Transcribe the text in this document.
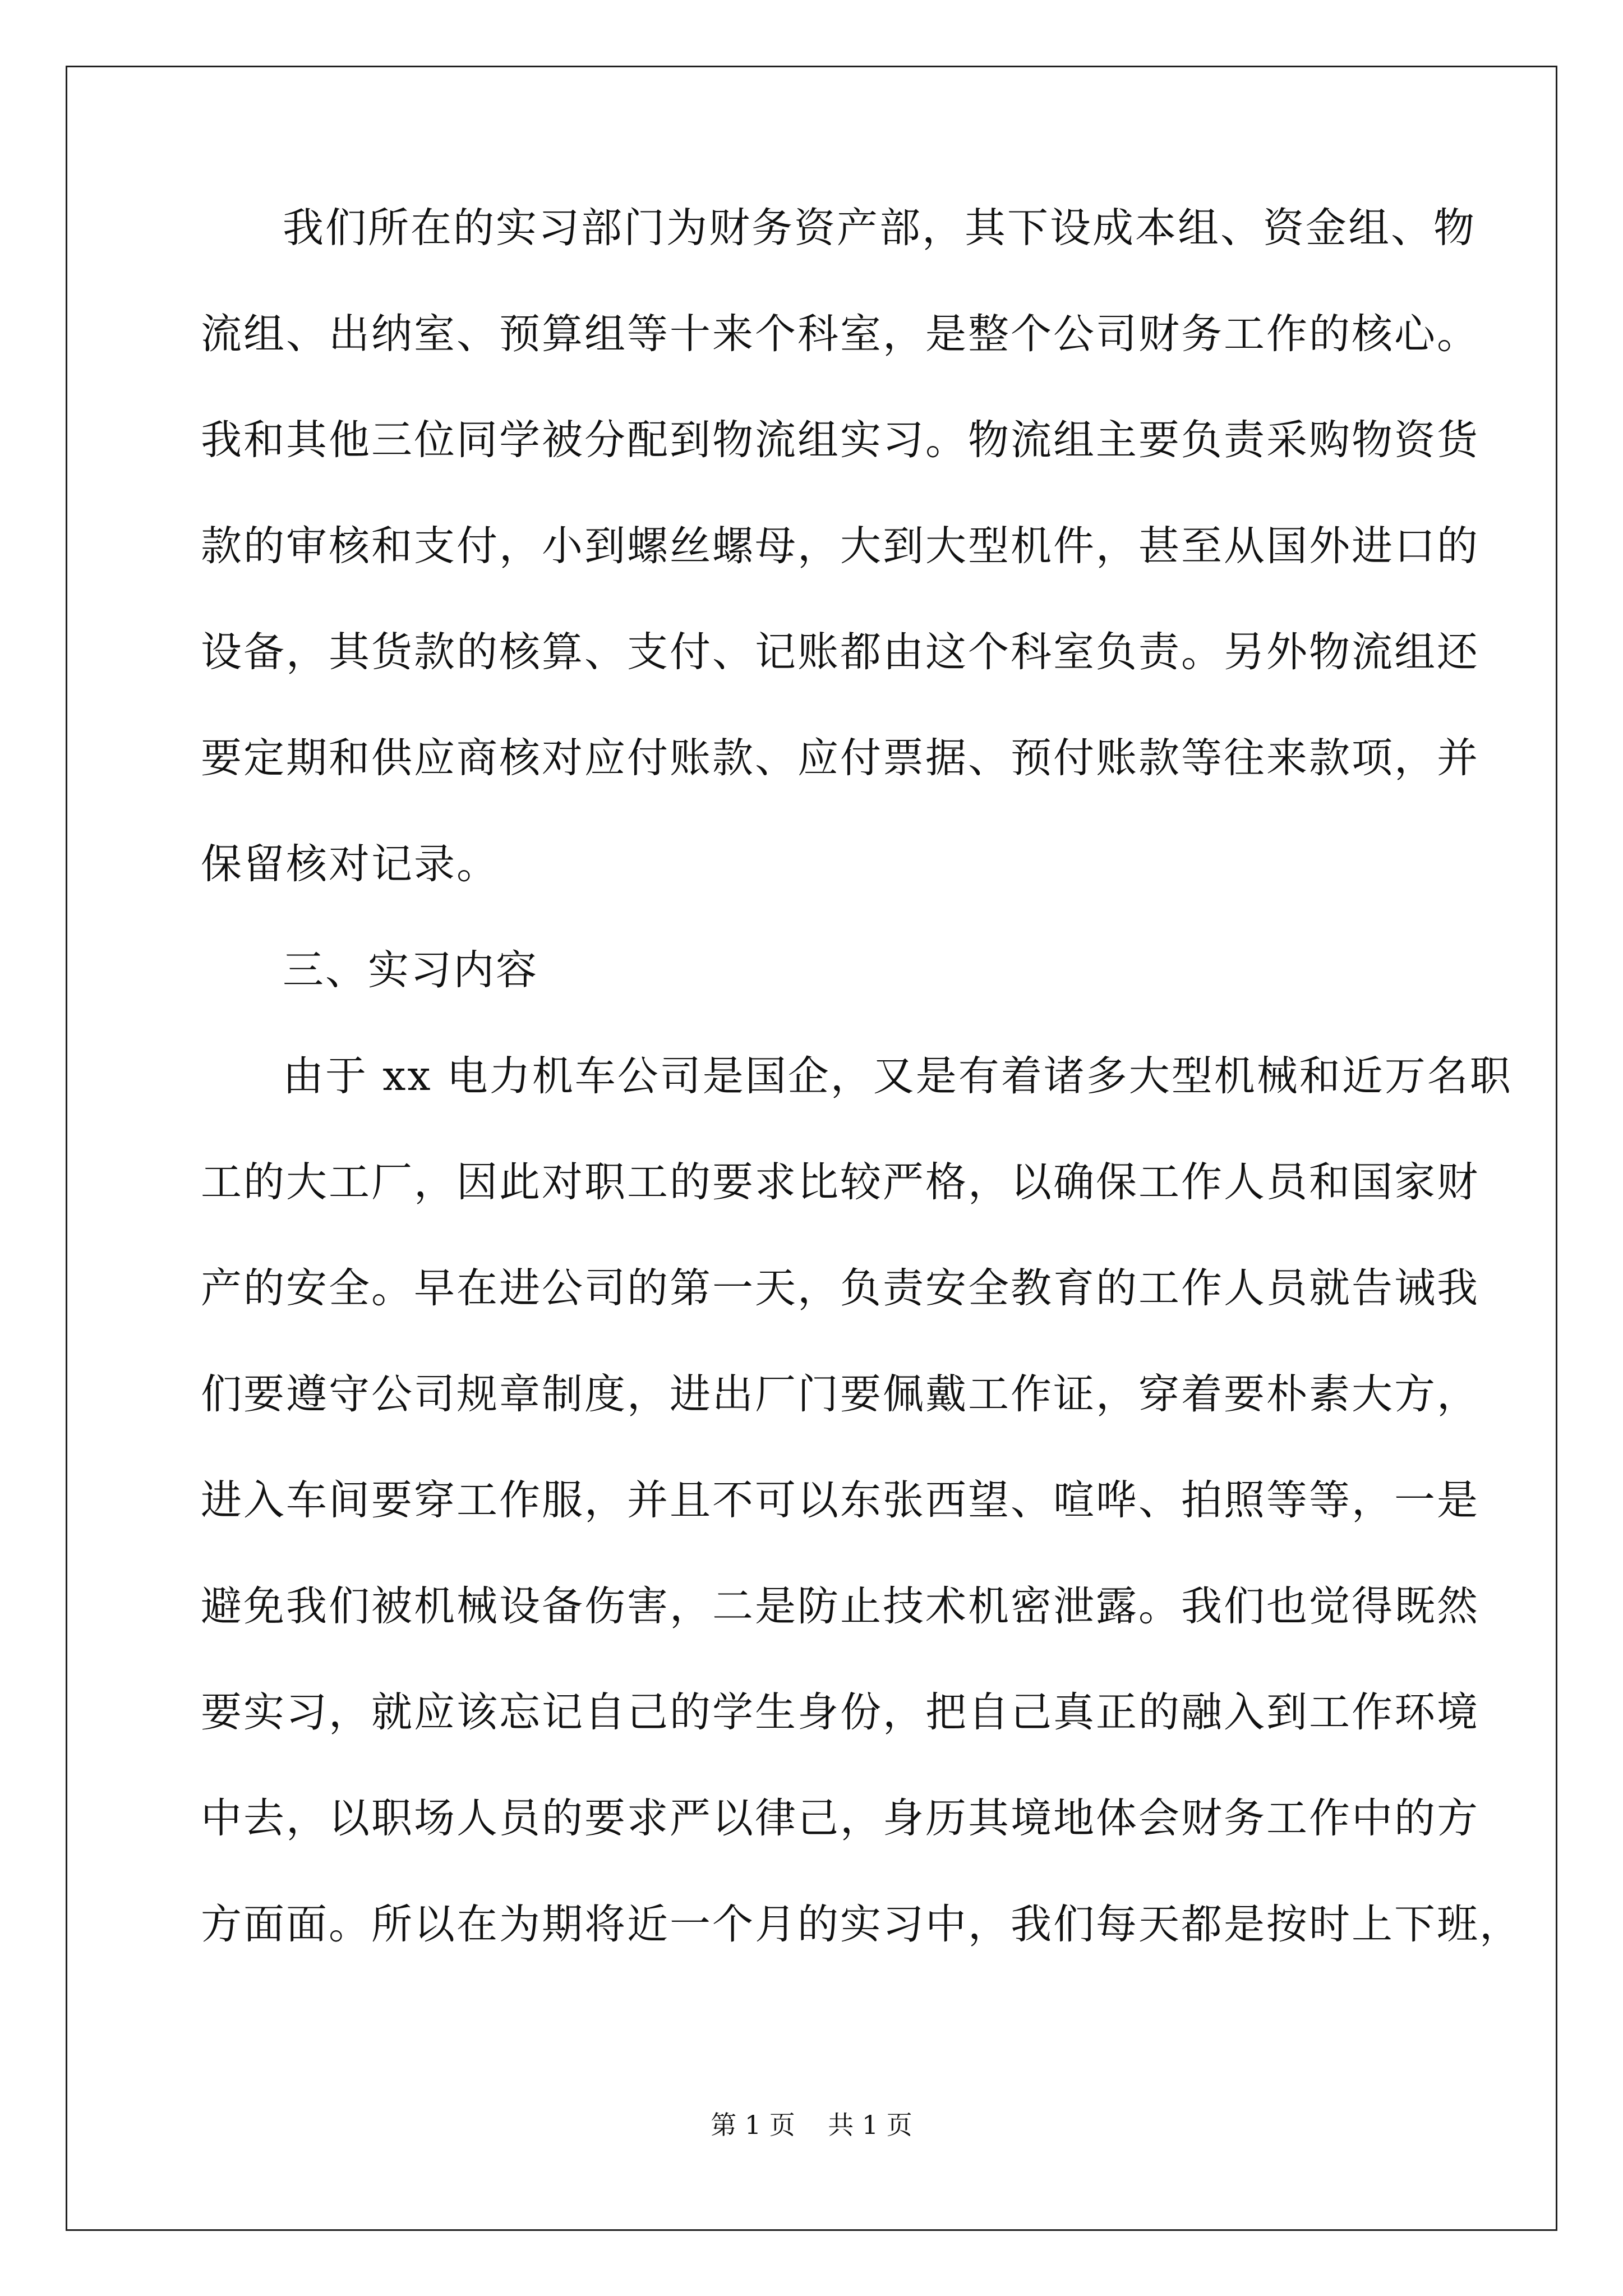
我们所在的实习部门为财务资产部，其下设成本组、资金组、物
流组、出纳室、预算组等十来个科室，是整个公司财务工作的核心。
我和其他三位同学被分配到物流组实习。物流组主要负责采购物资货
款的审核和支付，小到螺丝螺母，大到大型机件，甚至从国外进口的
设备，其货款的核算、支付、记账都由这个科室负责。另外物流组还
要定期和供应商核对应付账款、应付票据、预付账款等往来款项，并
保留核对记录。
三、实习内容
由于 xx 电力机车公司是国企，又是有着诸多大型机械和近万名职
工的大工厂，因此对职工的要求比较严格，以确保工作人员和国家财
产的安全。早在进公司的第一天，负责安全教育的工作人员就告诫我
们要遵守公司规章制度，进出厂门要佩戴工作证，穿着要朴素大方，
进入车间要穿工作服，并且不可以东张西望、喧哗、拍照等等，一是
避免我们被机械设备伤害，二是防止技术机密泄露。我们也觉得既然
要实习，就应该忘记自己的学生身份，把自己真正的融入到工作环境
中去，以职场人员的要求严以律己，身历其境地体会财务工作中的方
方面面。所以在为期将近一个月的实习中，我们每天都是按时上下班，
第 1 页    共 1 页
